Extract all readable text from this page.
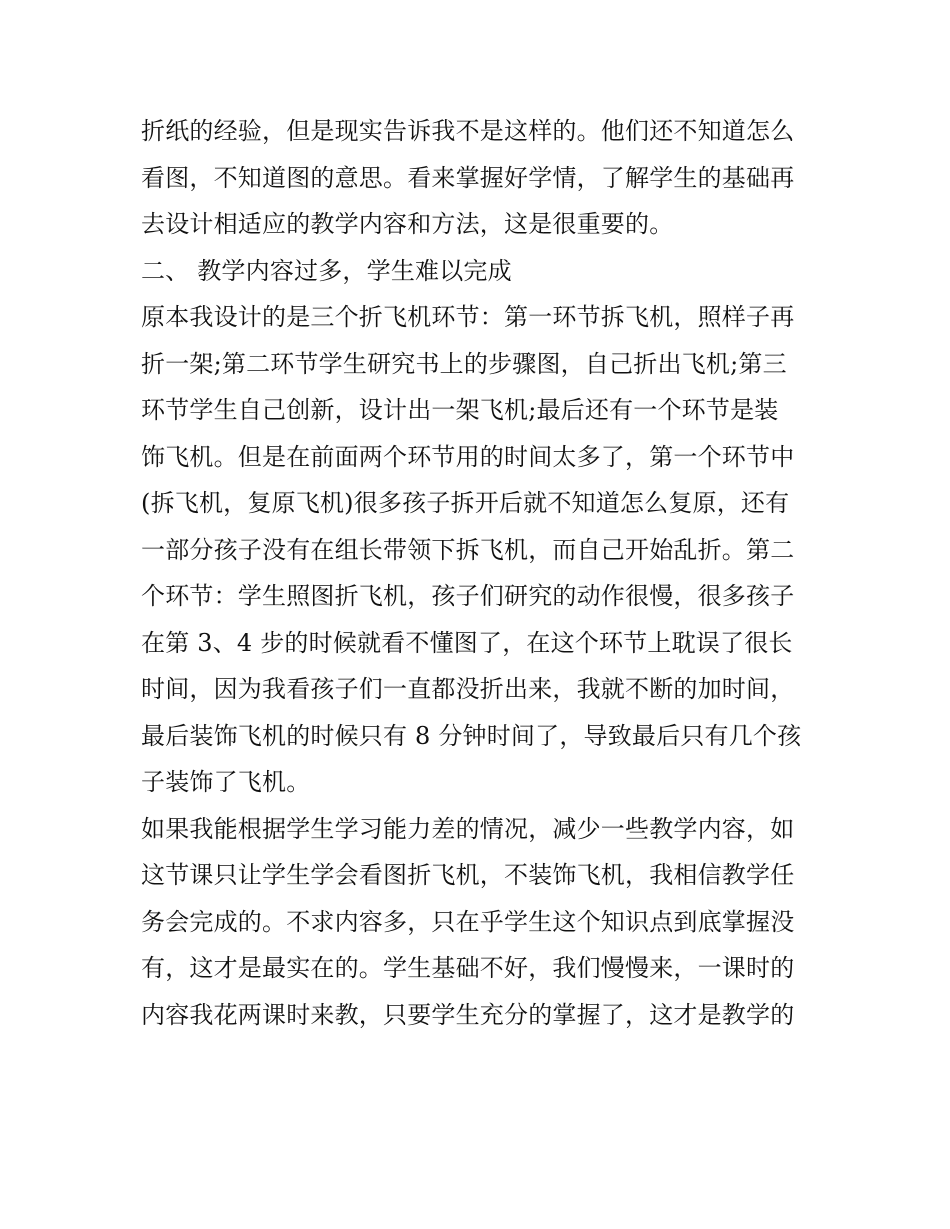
折纸的经验，但是现实告诉我不是这样的。他们还不知道怎么
看图，不知道图的意思。看来掌握好学情，了解学生的基础再
去设计相适应的教学内容和方法，这是很重要的。
二、 教学内容过多，学生难以完成
原本我设计的是三个折飞机环节：第一环节拆飞机，照样子再
折一架;第二环节学生研究书上的步骤图，自己折出飞机;第三
环节学生自己创新，设计出一架飞机;最后还有一个环节是装
饰飞机。但是在前面两个环节用的时间太多了，第一个环节中
(拆飞机，复原飞机)很多孩子拆开后就不知道怎么复原，还有
一部分孩子没有在组长带领下拆飞机，而自己开始乱折。第二
个环节：学生照图折飞机，孩子们研究的动作很慢，很多孩子
在第 3、4 步的时候就看不懂图了，在这个环节上耽误了很长
时间，因为我看孩子们一直都没折出来，我就不断的加时间，
最后装饰飞机的时候只有 8 分钟时间了，导致最后只有几个孩
子装饰了飞机。
如果我能根据学生学习能力差的情况，减少一些教学内容，如
这节课只让学生学会看图折飞机，不装饰飞机，我相信教学任
务会完成的。不求内容多，只在乎学生这个知识点到底掌握没
有，这才是最实在的。学生基础不好，我们慢慢来，一课时的
内容我花两课时来教，只要学生充分的掌握了，这才是教学的
